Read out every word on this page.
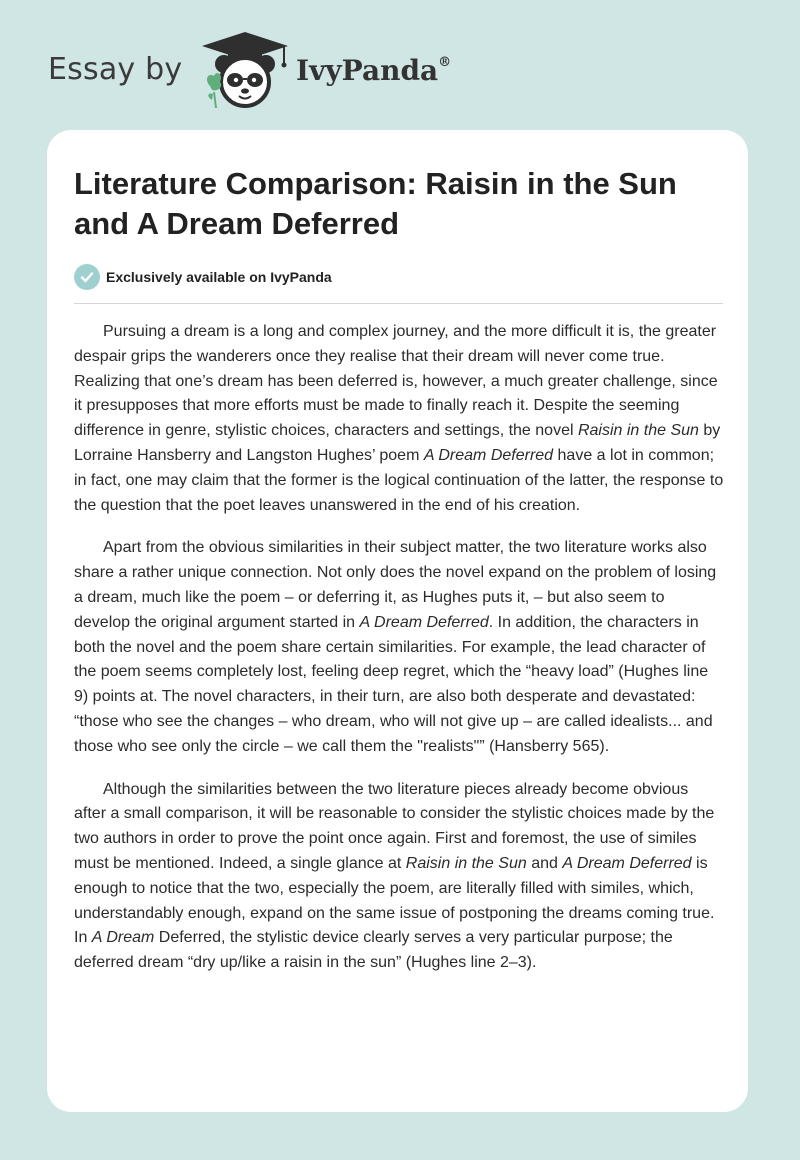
Essay by	IvyPanda®
Literature Comparison: Raisin in the Sun and A Dream Deferred
Exclusively available on IvyPanda

Pursuing a dream is a long and complex journey, and the more difficult it is, the greater despair grips the wanderers once they realise that their dream will never come true. Realizing that one’s dream has been deferred is, however, a much greater challenge, since it presupposes that more efforts must be made to finally reach it. Despite the seeming difference in genre, stylistic choices, characters and settings, the novel Raisin in the Sun by Lorraine Hansberry and Langston Hughes’ poem A Dream Deferred have a lot in common; in fact, one may claim that the former is the logical continuation of the latter, the response to the question that the poet leaves unanswered in the end of his creation.

Apart from the obvious similarities in their subject matter, the two literature works also share a rather unique connection. Not only does the novel expand on the problem of losing a dream, much like the poem – or deferring it, as Hughes puts it, – but also seem to develop the original argument started in A Dream Deferred. In addition, the characters in both the novel and the poem share certain similarities. For example, the lead character of the poem seems completely lost, feeling deep regret, which the “heavy load” (Hughes line 9) points at. The novel characters, in their turn, are also both desperate and devastated: “those who see the changes – who dream, who will not give up – are called idealists... and those who see only the circle – we call them the "realists"” (Hansberry 565).

Although the similarities between the two literature pieces already become obvious after a small comparison, it will be reasonable to consider the stylistic choices made by the two authors in order to prove the point once again. First and foremost, the use of similes must be mentioned. Indeed, a single glance at Raisin in the Sun and A Dream Deferred is enough to notice that the two, especially the poem, are literally filled with similes, which, understandably enough, expand on the same issue of postponing the dreams coming true. In A Dream Deferred, the stylistic device clearly serves a very particular purpose; the deferred dream “dry up/like a raisin in the sun” (Hughes line 2–3).
